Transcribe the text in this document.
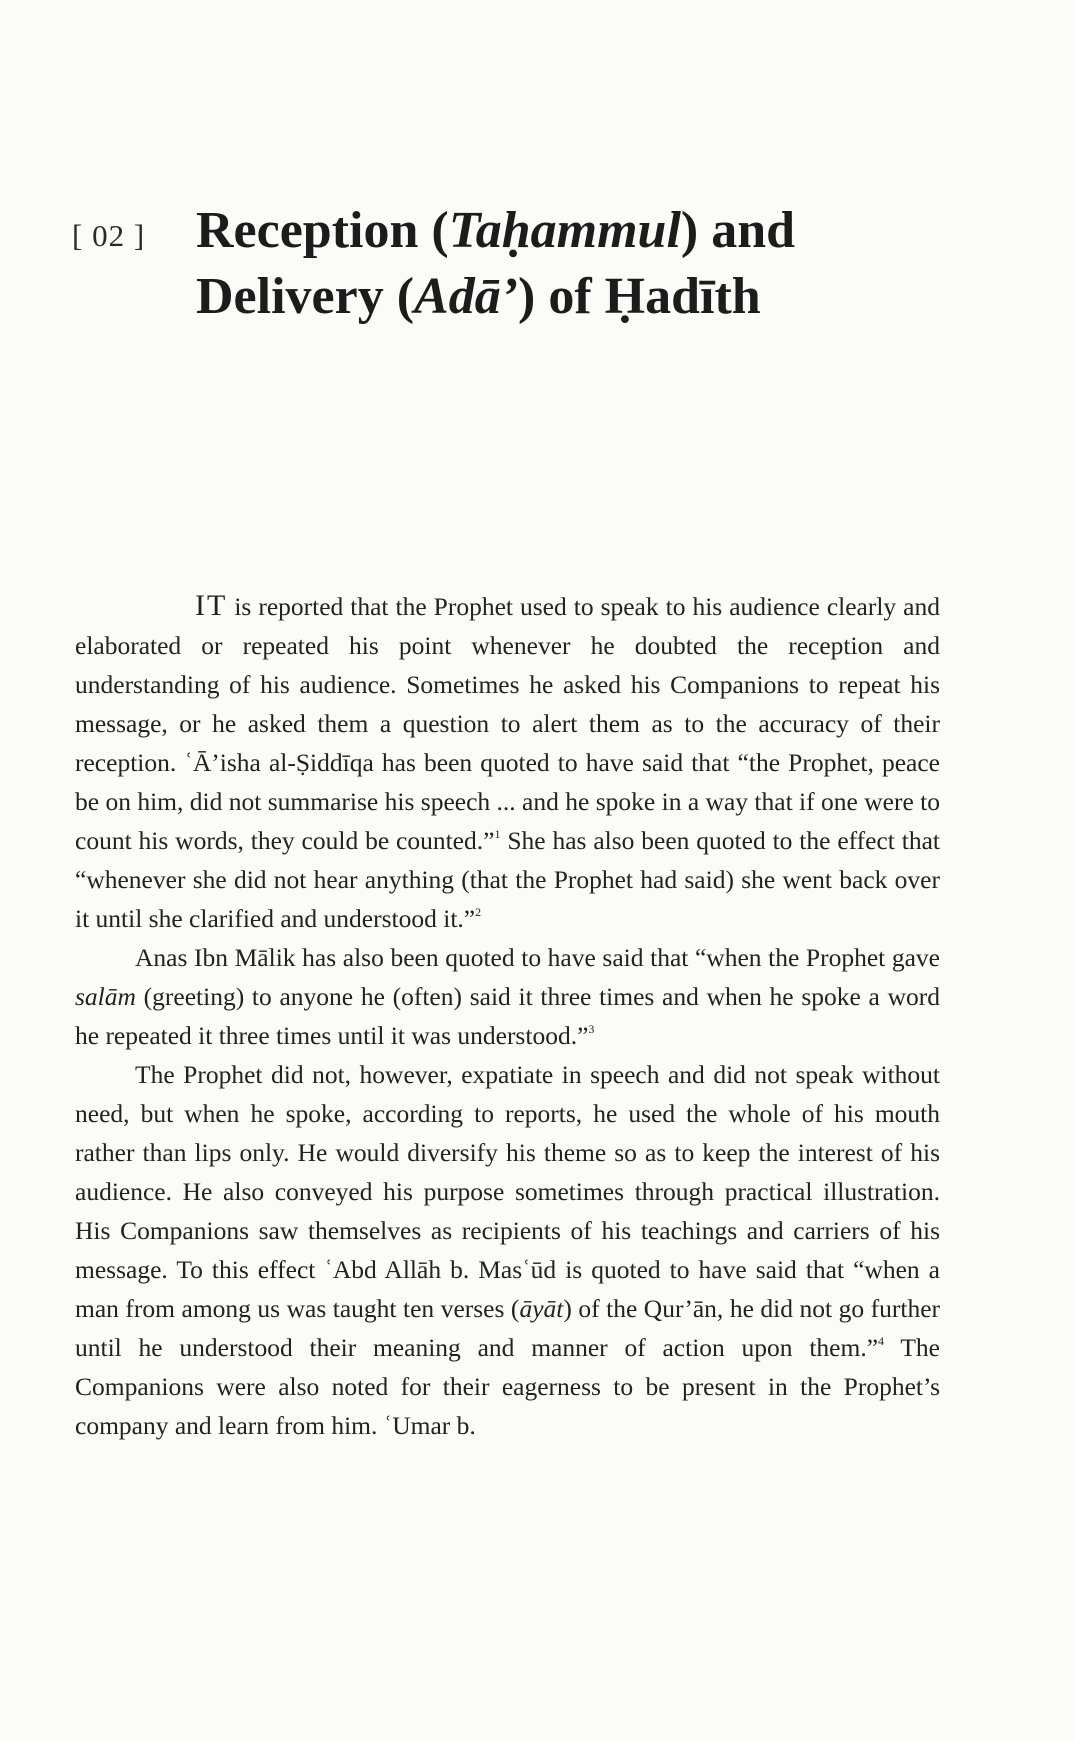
[ 02 ] Reception (Taḥammul) and Delivery (Adā’) of Ḥadīth

IT is reported that the Prophet used to speak to his audience clearly and elaborated or repeated his point whenever he doubted the reception and understanding of his audience. Sometimes he asked his Companions to repeat his message, or he asked them a question to alert them as to the accuracy of their reception. ʿĀ’isha al-Ṣiddīqa has been quoted to have said that “the Prophet, peace be on him, did not summarise his speech ... and he spoke in a way that if one were to count his words, they could be counted.”$^1$ She has also been quoted to the effect that “whenever she did not hear anything (that the Prophet had said) she went back over it until she clarified and understood it.”$^2$

Anas Ibn Mālik has also been quoted to have said that “when the Prophet gave salām (greeting) to anyone he (often) said it three times and when he spoke a word he repeated it three times until it was understood.”$^3$

The Prophet did not, however, expatiate in speech and did not speak without need, but when he spoke, according to reports, he used the whole of his mouth rather than lips only. He would diversify his theme so as to keep the interest of his audience. He also conveyed his purpose sometimes through practical illustration. His Companions saw themselves as recipients of his teachings and carriers of his message. To this effect ʿAbd Allāh b. Masʿūd is quoted to have said that “when a man from among us was taught ten verses (āyāt) of the Qur’ān, he did not go further until he understood their meaning and manner of action upon them.”$^4$ The Companions were also noted for their eagerness to be present in the Prophet’s company and learn from him. ʿUmar b.
